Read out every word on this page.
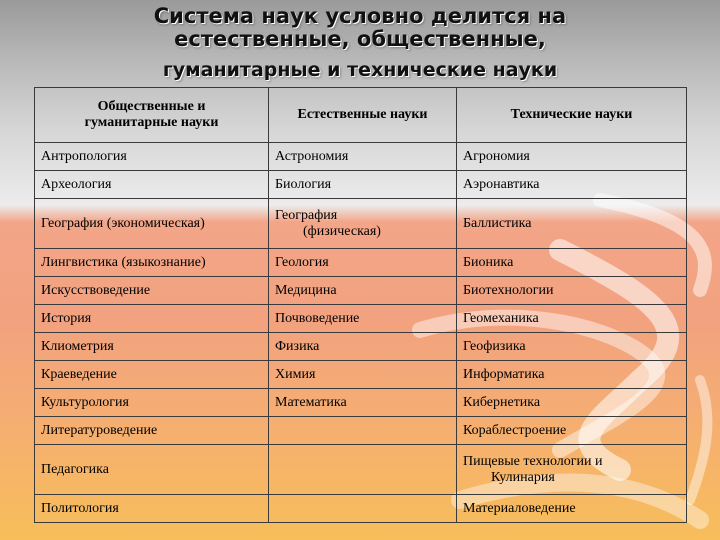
Система наук условно делится на
естественные, общественные,
гуманитарные и технические науки
Общественные и
гуманитарные науки	Естественные науки	Технические науки

Антропология	Астрономия	Агрономия

Археология	Биология	Аэронавтика

География (экономическая)	География
(физическая)	Баллистика

Лингвистика (языкознание)	Геология	Бионика

Искусствоведение	Медицина	Биотехнологии

История	Почвоведение	Геомеханика

Клиометрия	Физика	Геофизика

Краеведение	Химия	Информатика

Культурология	Математика	Кибернетика

Литературоведение		Кораблестроение

Педагогика		Пищевые технологии и
Кулинария

Политология		Материаловедение
